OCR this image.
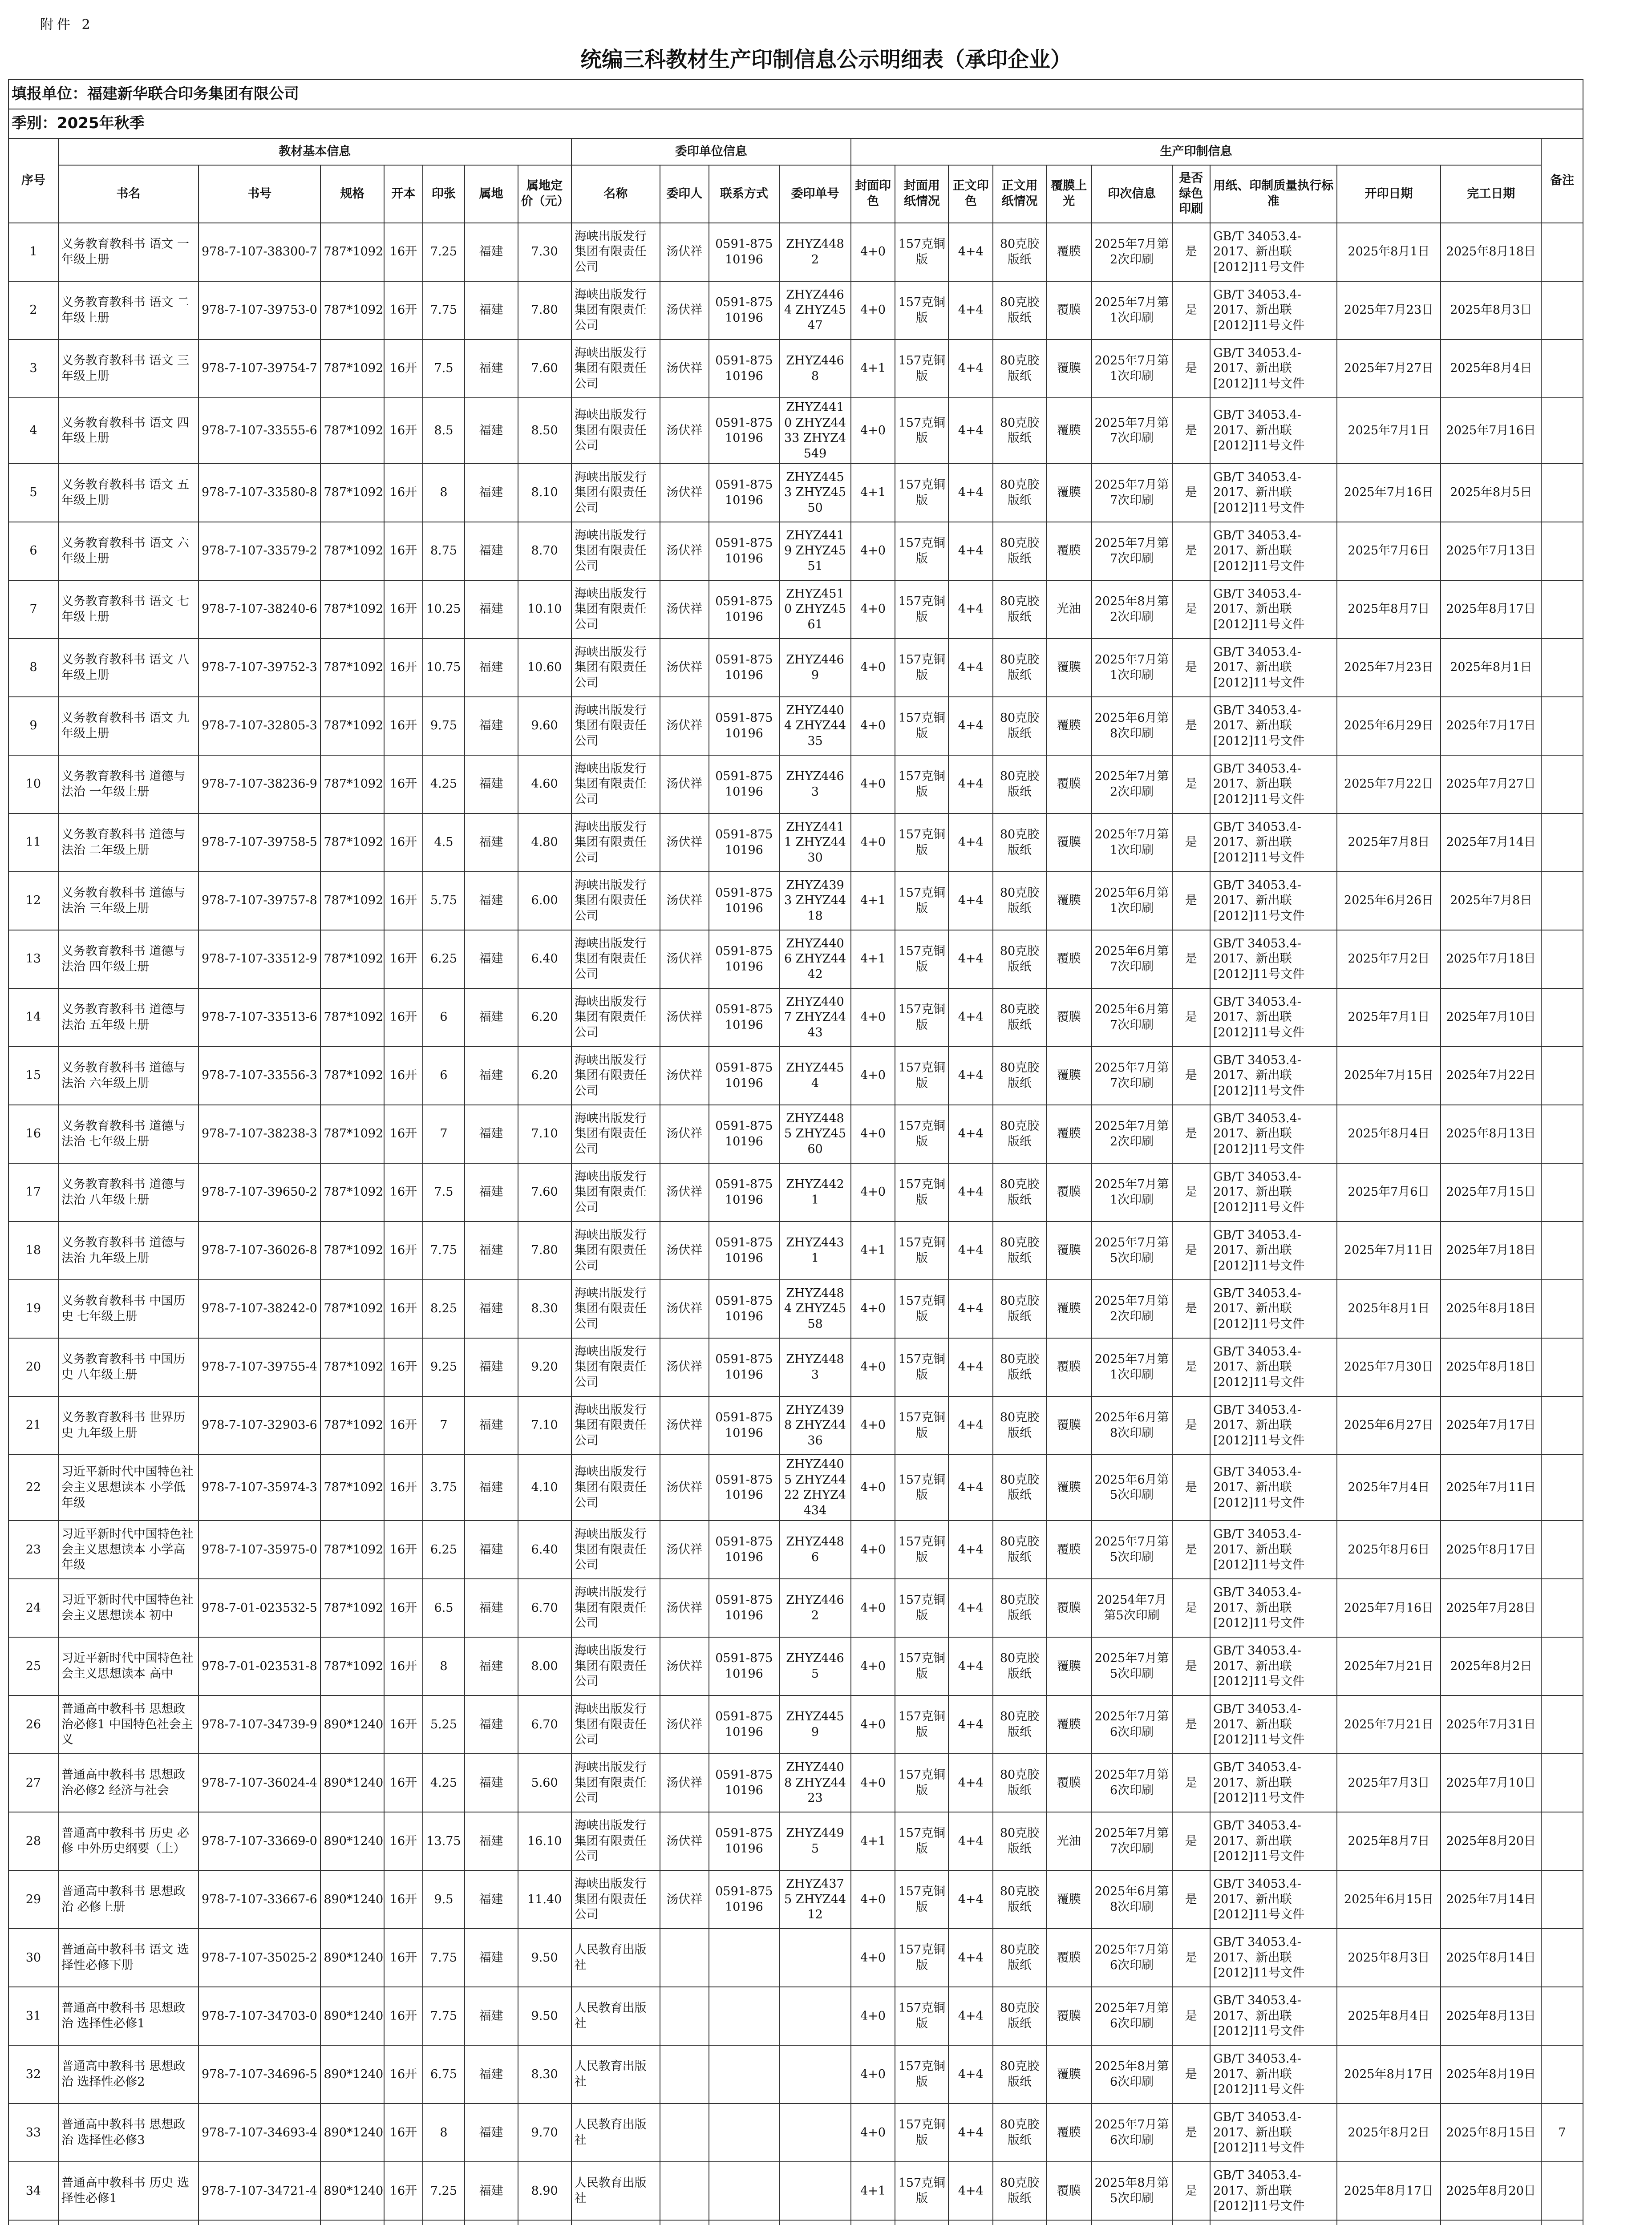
附件 2
统编三科教材生产印制信息公示明细表（承印企业）
填报单位：福建新华联合印务集团有限公司																						
季别：2025年秋季																						
序号	教材基本信息							委印单位信息				生产印制信息										备注
	书名	书号	规格	开本	印张	属地	属地定价（元）	名称	委印人	联系方式	委印单号	封面印色	封面用纸情况	正文印色	正文用纸情况	覆膜上光	印次信息	是否绿色印刷	用纸、印制质量执行标准	开印日期	完工日期	
1	义务教育教科书 语文 一年级上册	978-7-107-38300-7	787*1092	16开	7.25	福建	7.30	海峡出版发行集团有限责任公司	汤伏祥	0591-87510196	ZHYZ4482	4+0	157克铜版	4+4	80克胶版纸	覆膜	2025年7月第2次印刷	是	GB/T 34053.4-2017、新出联[2012]11号文件	2025年8月1日	2025年8月18日	
2	义务教育教科书 语文 二年级上册	978-7-107-39753-0	787*1092	16开	7.75	福建	7.80	海峡出版发行集团有限责任公司	汤伏祥	0591-87510196	ZHYZ4464 ZHYZ4547	4+0	157克铜版	4+4	80克胶版纸	覆膜	2025年7月第1次印刷	是	GB/T 34053.4-2017、新出联[2012]11号文件	2025年7月23日	2025年8月3日	
3	义务教育教科书 语文 三年级上册	978-7-107-39754-7	787*1092	16开	7.5	福建	7.60	海峡出版发行集团有限责任公司	汤伏祥	0591-87510196	ZHYZ4468	4+1	157克铜版	4+4	80克胶版纸	覆膜	2025年7月第1次印刷	是	GB/T 34053.4-2017、新出联[2012]11号文件	2025年7月27日	2025年8月4日	
4	义务教育教科书 语文 四年级上册	978-7-107-33555-6	787*1092	16开	8.5	福建	8.50	海峡出版发行集团有限责任公司	汤伏祥	0591-87510196	ZHYZ4410 ZHYZ4433 ZHYZ4549	4+0	157克铜版	4+4	80克胶版纸	覆膜	2025年7月第7次印刷	是	GB/T 34053.4-2017、新出联[2012]11号文件	2025年7月1日	2025年7月16日	
5	义务教育教科书 语文 五年级上册	978-7-107-33580-8	787*1092	16开	8	福建	8.10	海峡出版发行集团有限责任公司	汤伏祥	0591-87510196	ZHYZ4453 ZHYZ4550	4+1	157克铜版	4+4	80克胶版纸	覆膜	2025年7月第7次印刷	是	GB/T 34053.4-2017、新出联[2012]11号文件	2025年7月16日	2025年8月5日	
6	义务教育教科书 语文 六年级上册	978-7-107-33579-2	787*1092	16开	8.75	福建	8.70	海峡出版发行集团有限责任公司	汤伏祥	0591-87510196	ZHYZ4419 ZHYZ4551	4+0	157克铜版	4+4	80克胶版纸	覆膜	2025年7月第7次印刷	是	GB/T 34053.4-2017、新出联[2012]11号文件	2025年7月6日	2025年7月13日	
7	义务教育教科书 语文 七年级上册	978-7-107-38240-6	787*1092	16开	10.25	福建	10.10	海峡出版发行集团有限责任公司	汤伏祥	0591-87510196	ZHYZ4510 ZHYZ4561	4+0	157克铜版	4+4	80克胶版纸	光油	2025年8月第2次印刷	是	GB/T 34053.4-2017、新出联[2012]11号文件	2025年8月7日	2025年8月17日	
8	义务教育教科书 语文 八年级上册	978-7-107-39752-3	787*1092	16开	10.75	福建	10.60	海峡出版发行集团有限责任公司	汤伏祥	0591-87510196	ZHYZ4469	4+0	157克铜版	4+4	80克胶版纸	覆膜	2025年7月第1次印刷	是	GB/T 34053.4-2017、新出联[2012]11号文件	2025年7月23日	2025年8月1日	
9	义务教育教科书 语文 九年级上册	978-7-107-32805-3	787*1092	16开	9.75	福建	9.60	海峡出版发行集团有限责任公司	汤伏祥	0591-87510196	ZHYZ4404 ZHYZ4435	4+0	157克铜版	4+4	80克胶版纸	覆膜	2025年6月第8次印刷	是	GB/T 34053.4-2017、新出联[2012]11号文件	2025年6月29日	2025年7月17日	
10	义务教育教科书 道德与法治 一年级上册	978-7-107-38236-9	787*1092	16开	4.25	福建	4.60	海峡出版发行集团有限责任公司	汤伏祥	0591-87510196	ZHYZ4463	4+0	157克铜版	4+4	80克胶版纸	覆膜	2025年7月第2次印刷	是	GB/T 34053.4-2017、新出联[2012]11号文件	2025年7月22日	2025年7月27日	
11	义务教育教科书 道德与法治 二年级上册	978-7-107-39758-5	787*1092	16开	4.5	福建	4.80	海峡出版发行集团有限责任公司	汤伏祥	0591-87510196	ZHYZ4411 ZHYZ4430	4+0	157克铜版	4+4	80克胶版纸	覆膜	2025年7月第1次印刷	是	GB/T 34053.4-2017、新出联[2012]11号文件	2025年7月8日	2025年7月14日	
12	义务教育教科书 道德与法治 三年级上册	978-7-107-39757-8	787*1092	16开	5.75	福建	6.00	海峡出版发行集团有限责任公司	汤伏祥	0591-87510196	ZHYZ4393 ZHYZ4418	4+1	157克铜版	4+4	80克胶版纸	覆膜	2025年6月第1次印刷	是	GB/T 34053.4-2017、新出联[2012]11号文件	2025年6月26日	2025年7月8日	
13	义务教育教科书 道德与法治 四年级上册	978-7-107-33512-9	787*1092	16开	6.25	福建	6.40	海峡出版发行集团有限责任公司	汤伏祥	0591-87510196	ZHYZ4406 ZHYZ4442	4+1	157克铜版	4+4	80克胶版纸	覆膜	2025年6月第7次印刷	是	GB/T 34053.4-2017、新出联[2012]11号文件	2025年7月2日	2025年7月18日	
14	义务教育教科书 道德与法治 五年级上册	978-7-107-33513-6	787*1092	16开	6	福建	6.20	海峡出版发行集团有限责任公司	汤伏祥	0591-87510196	ZHYZ4407 ZHYZ4443	4+0	157克铜版	4+4	80克胶版纸	覆膜	2025年6月第7次印刷	是	GB/T 34053.4-2017、新出联[2012]11号文件	2025年7月1日	2025年7月10日	
15	义务教育教科书 道德与法治 六年级上册	978-7-107-33556-3	787*1092	16开	6	福建	6.20	海峡出版发行集团有限责任公司	汤伏祥	0591-87510196	ZHYZ4454	4+0	157克铜版	4+4	80克胶版纸	覆膜	2025年7月第7次印刷	是	GB/T 34053.4-2017、新出联[2012]11号文件	2025年7月15日	2025年7月22日	
16	义务教育教科书 道德与法治 七年级上册	978-7-107-38238-3	787*1092	16开	7	福建	7.10	海峡出版发行集团有限责任公司	汤伏祥	0591-87510196	ZHYZ4485 ZHYZ4560	4+0	157克铜版	4+4	80克胶版纸	覆膜	2025年7月第2次印刷	是	GB/T 34053.4-2017、新出联[2012]11号文件	2025年8月4日	2025年8月13日	
17	义务教育教科书 道德与法治 八年级上册	978-7-107-39650-2	787*1092	16开	7.5	福建	7.60	海峡出版发行集团有限责任公司	汤伏祥	0591-87510196	ZHYZ4421	4+0	157克铜版	4+4	80克胶版纸	覆膜	2025年7月第1次印刷	是	GB/T 34053.4-2017、新出联[2012]11号文件	2025年7月6日	2025年7月15日	
18	义务教育教科书 道德与法治 九年级上册	978-7-107-36026-8	787*1092	16开	7.75	福建	7.80	海峡出版发行集团有限责任公司	汤伏祥	0591-87510196	ZHYZ4431	4+1	157克铜版	4+4	80克胶版纸	覆膜	2025年7月第5次印刷	是	GB/T 34053.4-2017、新出联[2012]11号文件	2025年7月11日	2025年7月18日	
19	义务教育教科书 中国历史 七年级上册	978-7-107-38242-0	787*1092	16开	8.25	福建	8.30	海峡出版发行集团有限责任公司	汤伏祥	0591-87510196	ZHYZ4484 ZHYZ4558	4+0	157克铜版	4+4	80克胶版纸	覆膜	2025年7月第2次印刷	是	GB/T 34053.4-2017、新出联[2012]11号文件	2025年8月1日	2025年8月18日	
20	义务教育教科书 中国历史 八年级上册	978-7-107-39755-4	787*1092	16开	9.25	福建	9.20	海峡出版发行集团有限责任公司	汤伏祥	0591-87510196	ZHYZ4483	4+0	157克铜版	4+4	80克胶版纸	覆膜	2025年7月第1次印刷	是	GB/T 34053.4-2017、新出联[2012]11号文件	2025年7月30日	2025年8月18日	
21	义务教育教科书 世界历史 九年级上册	978-7-107-32903-6	787*1092	16开	7	福建	7.10	海峡出版发行集团有限责任公司	汤伏祥	0591-87510196	ZHYZ4398 ZHYZ4436	4+0	157克铜版	4+4	80克胶版纸	覆膜	2025年6月第8次印刷	是	GB/T 34053.4-2017、新出联[2012]11号文件	2025年6月27日	2025年7月17日	
22	习近平新时代中国特色社会主义思想读本 小学低年级	978-7-107-35974-3	787*1092	16开	3.75	福建	4.10	海峡出版发行集团有限责任公司	汤伏祥	0591-87510196	ZHYZ4405 ZHYZ4422 ZHYZ4434	4+0	157克铜版	4+4	80克胶版纸	覆膜	2025年6月第5次印刷	是	GB/T 34053.4-2017、新出联[2012]11号文件	2025年7月4日	2025年7月11日	
23	习近平新时代中国特色社会主义思想读本 小学高年级	978-7-107-35975-0	787*1092	16开	6.25	福建	6.40	海峡出版发行集团有限责任公司	汤伏祥	0591-87510196	ZHYZ4486	4+0	157克铜版	4+4	80克胶版纸	覆膜	2025年7月第5次印刷	是	GB/T 34053.4-2017、新出联[2012]11号文件	2025年8月6日	2025年8月17日	
24	习近平新时代中国特色社会主义思想读本 初中	978-7-01-023532-5	787*1092	16开	6.5	福建	6.70	海峡出版发行集团有限责任公司	汤伏祥	0591-87510196	ZHYZ4462	4+0	157克铜版	4+4	80克胶版纸	覆膜	20254年7月第5次印刷	是	GB/T 34053.4-2017、新出联[2012]11号文件	2025年7月16日	2025年7月28日	
25	习近平新时代中国特色社会主义思想读本 高中	978-7-01-023531-8	787*1092	16开	8	福建	8.00	海峡出版发行集团有限责任公司	汤伏祥	0591-87510196	ZHYZ4465	4+0	157克铜版	4+4	80克胶版纸	覆膜	2025年7月第5次印刷	是	GB/T 34053.4-2017、新出联[2012]11号文件	2025年7月21日	2025年8月2日	
26	普通高中教科书 思想政治必修1 中国特色社会主义	978-7-107-34739-9	890*1240	16开	5.25	福建	6.70	海峡出版发行集团有限责任公司	汤伏祥	0591-87510196	ZHYZ4459	4+0	157克铜版	4+4	80克胶版纸	覆膜	2025年7月第6次印刷	是	GB/T 34053.4-2017、新出联[2012]11号文件	2025年7月21日	2025年7月31日	
27	普通高中教科书 思想政治必修2 经济与社会	978-7-107-36024-4	890*1240	16开	4.25	福建	5.60	海峡出版发行集团有限责任公司	汤伏祥	0591-87510196	ZHYZ4408 ZHYZ4423	4+0	157克铜版	4+4	80克胶版纸	覆膜	2025年7月第6次印刷	是	GB/T 34053.4-2017、新出联[2012]11号文件	2025年7月3日	2025年7月10日	
28	普通高中教科书 历史 必修 中外历史纲要（上）	978-7-107-33669-0	890*1240	16开	13.75	福建	16.10	海峡出版发行集团有限责任公司	汤伏祥	0591-87510196	ZHYZ4495	4+1	157克铜版	4+4	80克胶版纸	光油	2025年7月第7次印刷	是	GB/T 34053.4-2017、新出联[2012]11号文件	2025年8月7日	2025年8月20日	
29	普通高中教科书 思想政治 必修上册	978-7-107-33667-6	890*1240	16开	9.5	福建	11.40	海峡出版发行集团有限责任公司	汤伏祥	0591-87510196	ZHYZ4375 ZHYZ4412	4+0	157克铜版	4+4	80克胶版纸	覆膜	2025年6月第8次印刷	是	GB/T 34053.4-2017、新出联[2012]11号文件	2025年6月15日	2025年7月14日	
30	普通高中教科书 语文 选择性必修下册	978-7-107-35025-2	890*1240	16开	7.75	福建	9.50	人民教育出版社				4+0	157克铜版	4+4	80克胶版纸	覆膜	2025年7月第6次印刷	是	GB/T 34053.4-2017、新出联[2012]11号文件	2025年8月3日	2025年8月14日	
31	普通高中教科书 思想政治 选择性必修1	978-7-107-34703-0	890*1240	16开	7.75	福建	9.50	人民教育出版社				4+0	157克铜版	4+4	80克胶版纸	覆膜	2025年7月第6次印刷	是	GB/T 34053.4-2017、新出联[2012]11号文件	2025年8月4日	2025年8月13日	
32	普通高中教科书 思想政治 选择性必修2	978-7-107-34696-5	890*1240	16开	6.75	福建	8.30	人民教育出版社				4+0	157克铜版	4+4	80克胶版纸	覆膜	2025年8月第6次印刷	是	GB/T 34053.4-2017、新出联[2012]11号文件	2025年8月17日	2025年8月19日	
33	普通高中教科书 思想政治 选择性必修3	978-7-107-34693-4	890*1240	16开	8	福建	9.70	人民教育出版社				4+0	157克铜版	4+4	80克胶版纸	覆膜	2025年7月第6次印刷	是	GB/T 34053.4-2017、新出联[2012]11号文件	2025年8月2日	2025年8月15日	7
34	普通高中教科书 历史 选择性必修1	978-7-107-34721-4	890*1240	16开	7.25	福建	8.90	人民教育出版社				4+1	157克铜版	4+4	80克胶版纸	覆膜	2025年8月第5次印刷	是	GB/T 34053.4-2017、新出联[2012]11号文件	2025年8月17日	2025年8月20日	
